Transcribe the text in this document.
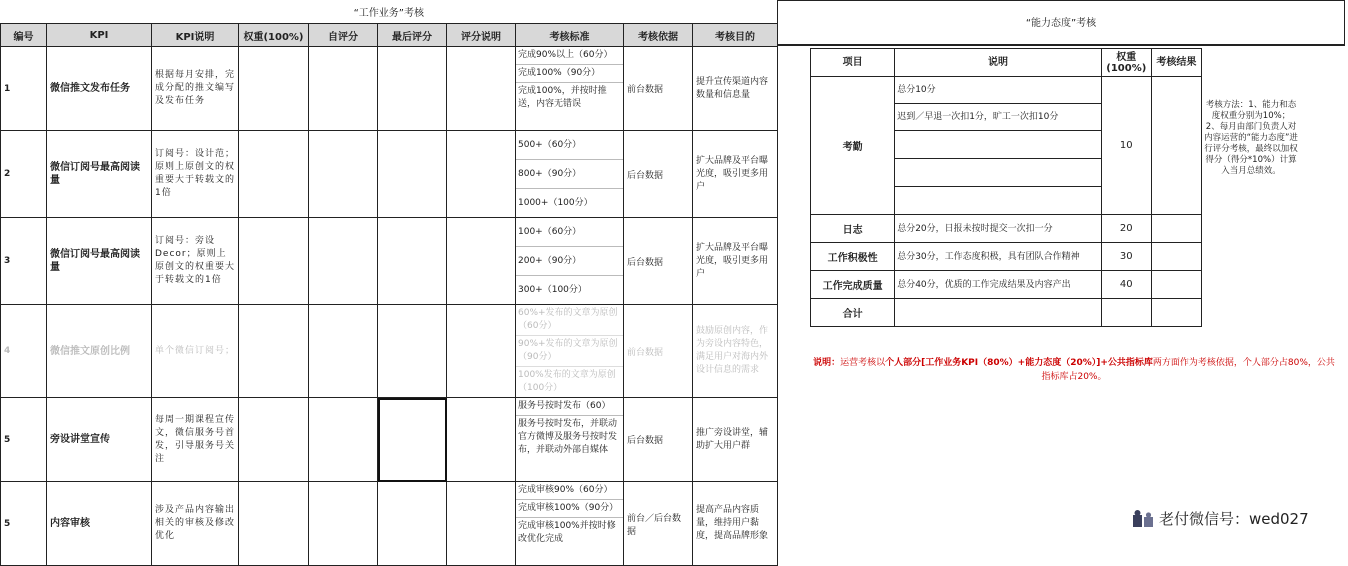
“工作业务”考核									
编号	KPI	KPI说明	权重(100%)	自评分	最后评分	评分说明	考核标准	考核依据	考核目的
1	微信推文发布任务	根据每月安排，完成分配的推文编写及发布任务					完成90%以上（60分）
完成100%（90分）
完成100%，并按时推送，内容无错误	前台数据	提升宣传渠道内容数量和信息量
2	微信订阅号最高阅读量	订阅号：设计范；原则上原创文的权重要大于转载文的1倍					500+（60分）
800+（90分）
1000+（100分）	后台数据	扩大品牌及平台曝光度，吸引更多用户
3	微信订阅号最高阅读量	订阅号：旁设Decor；原则上原创文的权重要大于转载文的1倍					100+（60分）
200+（90分）
300+（100分）	后台数据	扩大品牌及平台曝光度，吸引更多用户
4	微信推文原创比例	单个微信订阅号；					60%+发布的文章为原创（60分）
90%+发布的文章为原创（90分）
100%发布的文章为原创（100分）	前台数据	鼓励原创内容，作为旁设内容特色，满足用户对海内外设计信息的需求
5	旁设讲堂宣传	每周一期课程宣传文，微信服务号首发，引导服务号关注					服务号按时发布（60）
服务号按时发布，并联动官方微博及服务号按时发布，并联动外部自媒体	后台数据	推广旁设讲堂，辅助扩大用户群
5	内容审核	涉及产品内容输出相关的审核及修改优化					完成审核90%（60分）
完成审核100%（90分）
完成审核100%并按时修改优化完成	前台／后台数据	提高产品内容质量，维持用户黏度，提高品牌形象
“能力态度”考核
项目	说明	权重(100%)	考核结果
考勤	总分10分	10	
	迟到／早退一次扣1分，旷工一次扣10分		

日志	总分20分，日报未按时提交一次扣一分	20	
工作积极性	总分30分，工作态度积极，具有团队合作精神	30	
工作完成质量	总分40分，优质的工作完成结果及内容产出	40	
合计			
考核方法：1、能力和态度权重分别为10%；
2、每月由部门负责人对内容运营的“能力态度”进行评分考核，最终以加权得分（得分*10%）计算入当月总绩效。
说明：运营考核以个人部分[工作业务KPI（80%）+能力态度（20%）]+公共指标库两方面作为考核依据，个人部分占80%，公共指标库占20%。
老付微信号：wed027
